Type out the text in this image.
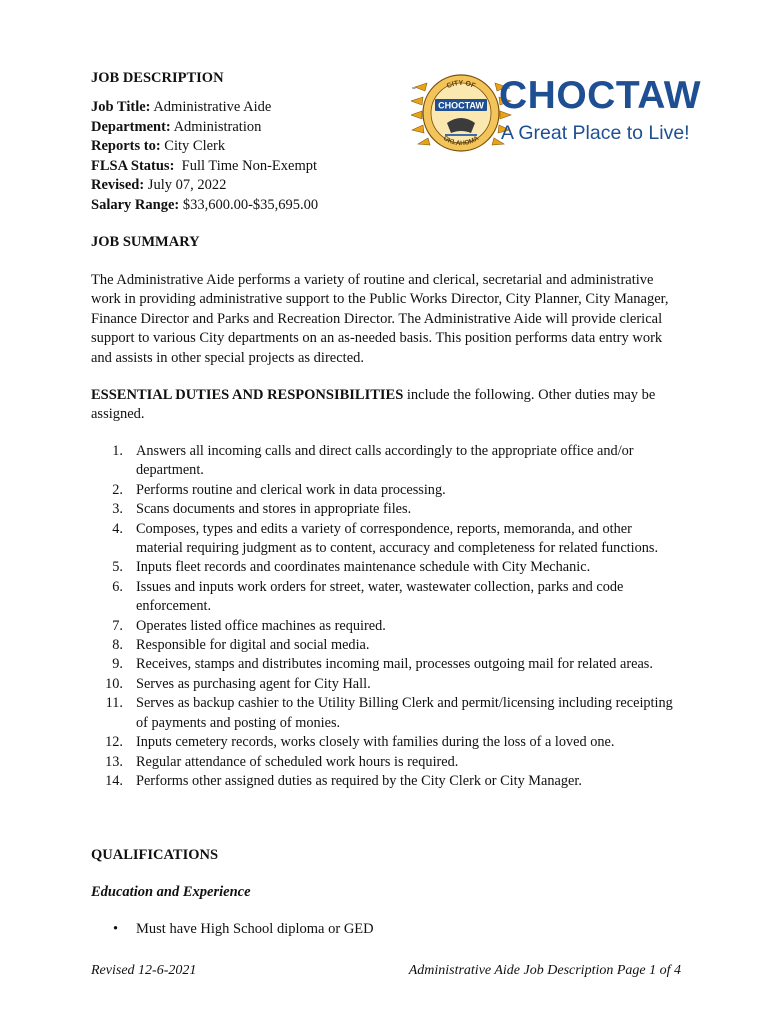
JOB DESCRIPTION
Job Title: Administrative Aide
Department: Administration
Reports to: City Clerk
FLSA Status: Full Time Non-Exempt
Revised: July 07, 2022
Salary Range: $33,600.00-$35,695.00
CITY OF
OKLAHOMA
CHOCTAW CHOCTAW
A Great Place to Live!
JOB SUMMARY

The Administrative Aide performs a variety of routine and clerical, secretarial and administrative work in providing administrative support to the Public Works Director, City Planner, City Manager, Finance Director and Parks and Recreation Director. The Administrative Aide will provide clerical support to various City departments on an as-needed basis. This position performs data entry work and assists in other special projects as directed.

ESSENTIAL DUTIES AND RESPONSIBILITIES include the following. Other duties may be assigned.

1. Answers all incoming calls and direct calls accordingly to the appropriate office and/or department.
2. Performs routine and clerical work in data processing.
3. Scans documents and stores in appropriate files.
4. Composes, types and edits a variety of correspondence, reports, memoranda, and other material requiring judgment as to content, accuracy and completeness for related functions.
5. Inputs fleet records and coordinates maintenance schedule with City Mechanic.
6. Issues and inputs work orders for street, water, wastewater collection, parks and code enforcement.
7. Operates listed office machines as required.
8. Responsible for digital and social media.
9. Receives, stamps and distributes incoming mail, processes outgoing mail for related areas.
10. Serves as purchasing agent for City Hall.
11. Serves as backup cashier to the Utility Billing Clerk and permit/licensing including receipting of payments and posting of monies.
12. Inputs cemetery records, works closely with families during the loss of a loved one.
13. Regular attendance of scheduled work hours is required.
14. Performs other assigned duties as required by the City Clerk or City Manager.
QUALIFICATIONS
Education and Experience
• Must have High School diploma or GED
Revised 12-6-2021	Administrative Aide Job Description Page 1 of 4
